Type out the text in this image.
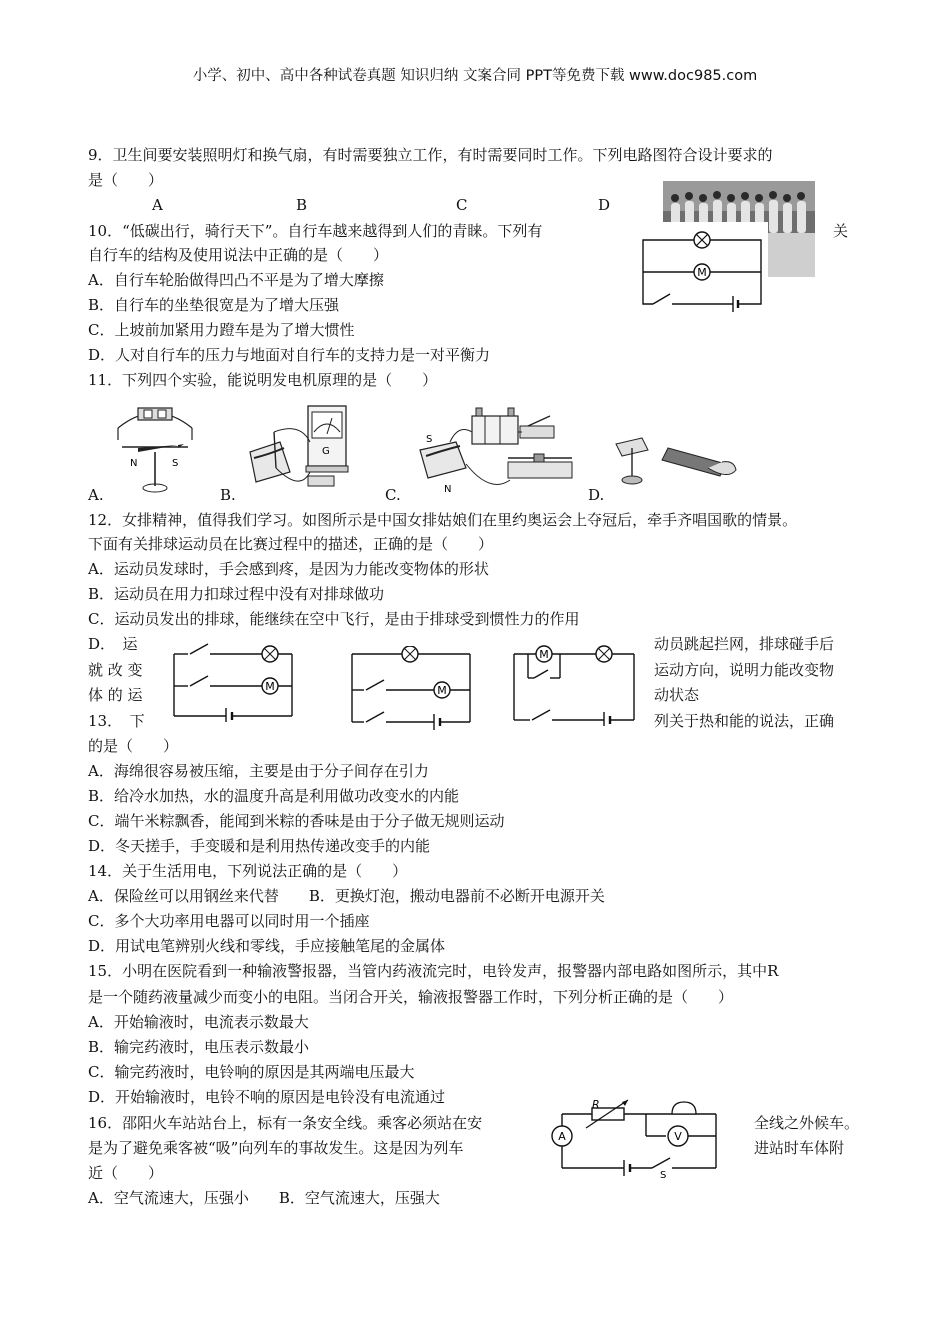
小学、初中、高中各种试卷真题 知识归纳 文案合同 PPT等免费下载 www.doc985.com
9．卫生间要安装照明灯和换气扇，有时需要独立工作，有时需要同时工作。下列电路图符合设计要求的
是（　　）
A	B	C	D
M
10．“低碳出行，骑行天下”。自行车越来越得到人们的青睐。下列有	关
自行车的结构及使用说法中正确的是（　　）
A．自行车轮胎做得凹凸不平是为了增大摩擦
B．自行车的坐垫很宽是为了增大压强
C．上坡前加紧用力蹬车是为了增大惯性
D．人对自行车的压力与地面对自行车的支持力是一对平衡力
11．下列四个实验，能说明发电机原理的是（　　）
N	S
A.
G
B.
S
N
C.	D.
12．女排精神，值得我们学习。如图所示是中国女排姑娘们在里约奥运会上夺冠后，牵手齐唱国歌的情景。
下面有关排球运动员在比赛过程中的描述，正确的是（　　）
A．运动员发球时，手会感到疼，是因为力能改变物体的形状
B．运动员在用力扣球过程中没有对排球做功
C．运动员发出的排球，能继续在空中飞行，是由于排球受到惯性力的作用
D．　运
就 改 变
体 的 运
动员跳起拦网，排球碰手后
运动方向，说明力能改变物
动状态
M	M
M
13．　下	列关于热和能的说法，正确
的是（　　）
A．海绵很容易被压缩，主要是由于分子间存在引力
B．给冷水加热，水的温度升高是利用做功改变水的内能
C．端午米粽飘香，能闻到米粽的香味是由于分子做无规则运动
D．冬天搓手，手变暖和是利用热传递改变手的内能
14．关于生活用电，下列说法正确的是（　　）
A．保险丝可以用钢丝来代替　　B．更换灯泡，搬动电器前不必断开电源开关
C．多个大功率用电器可以同时用一个插座
D．用试电笔辨别火线和零线，手应接触笔尾的金属体
15．小明在医院看到一种输液警报器，当管内药液流完时，电铃发声，报警器内部电路如图所示，其中R
是一个随药液量减少而变小的电阻。当闭合开关，输液报警器工作时，下列分析正确的是（　　）
A．开始输液时，电流表示数最大
B．输完药液时，电压表示数最小
C．输完药液时，电铃响的原因是其两端电压最大
D．开始输液时，电铃不响的原因是电铃没有电流通过	R
V
A
S
16．邵阳火车站站台上，标有一条安全线。乘客必须站在安	全线之外候车。
是为了避免乘客被“吸”向列车的事故发生。这是因为列车	进站时车体附
近（　　）
A．空气流速大，压强小　　B．空气流速大，压强大
